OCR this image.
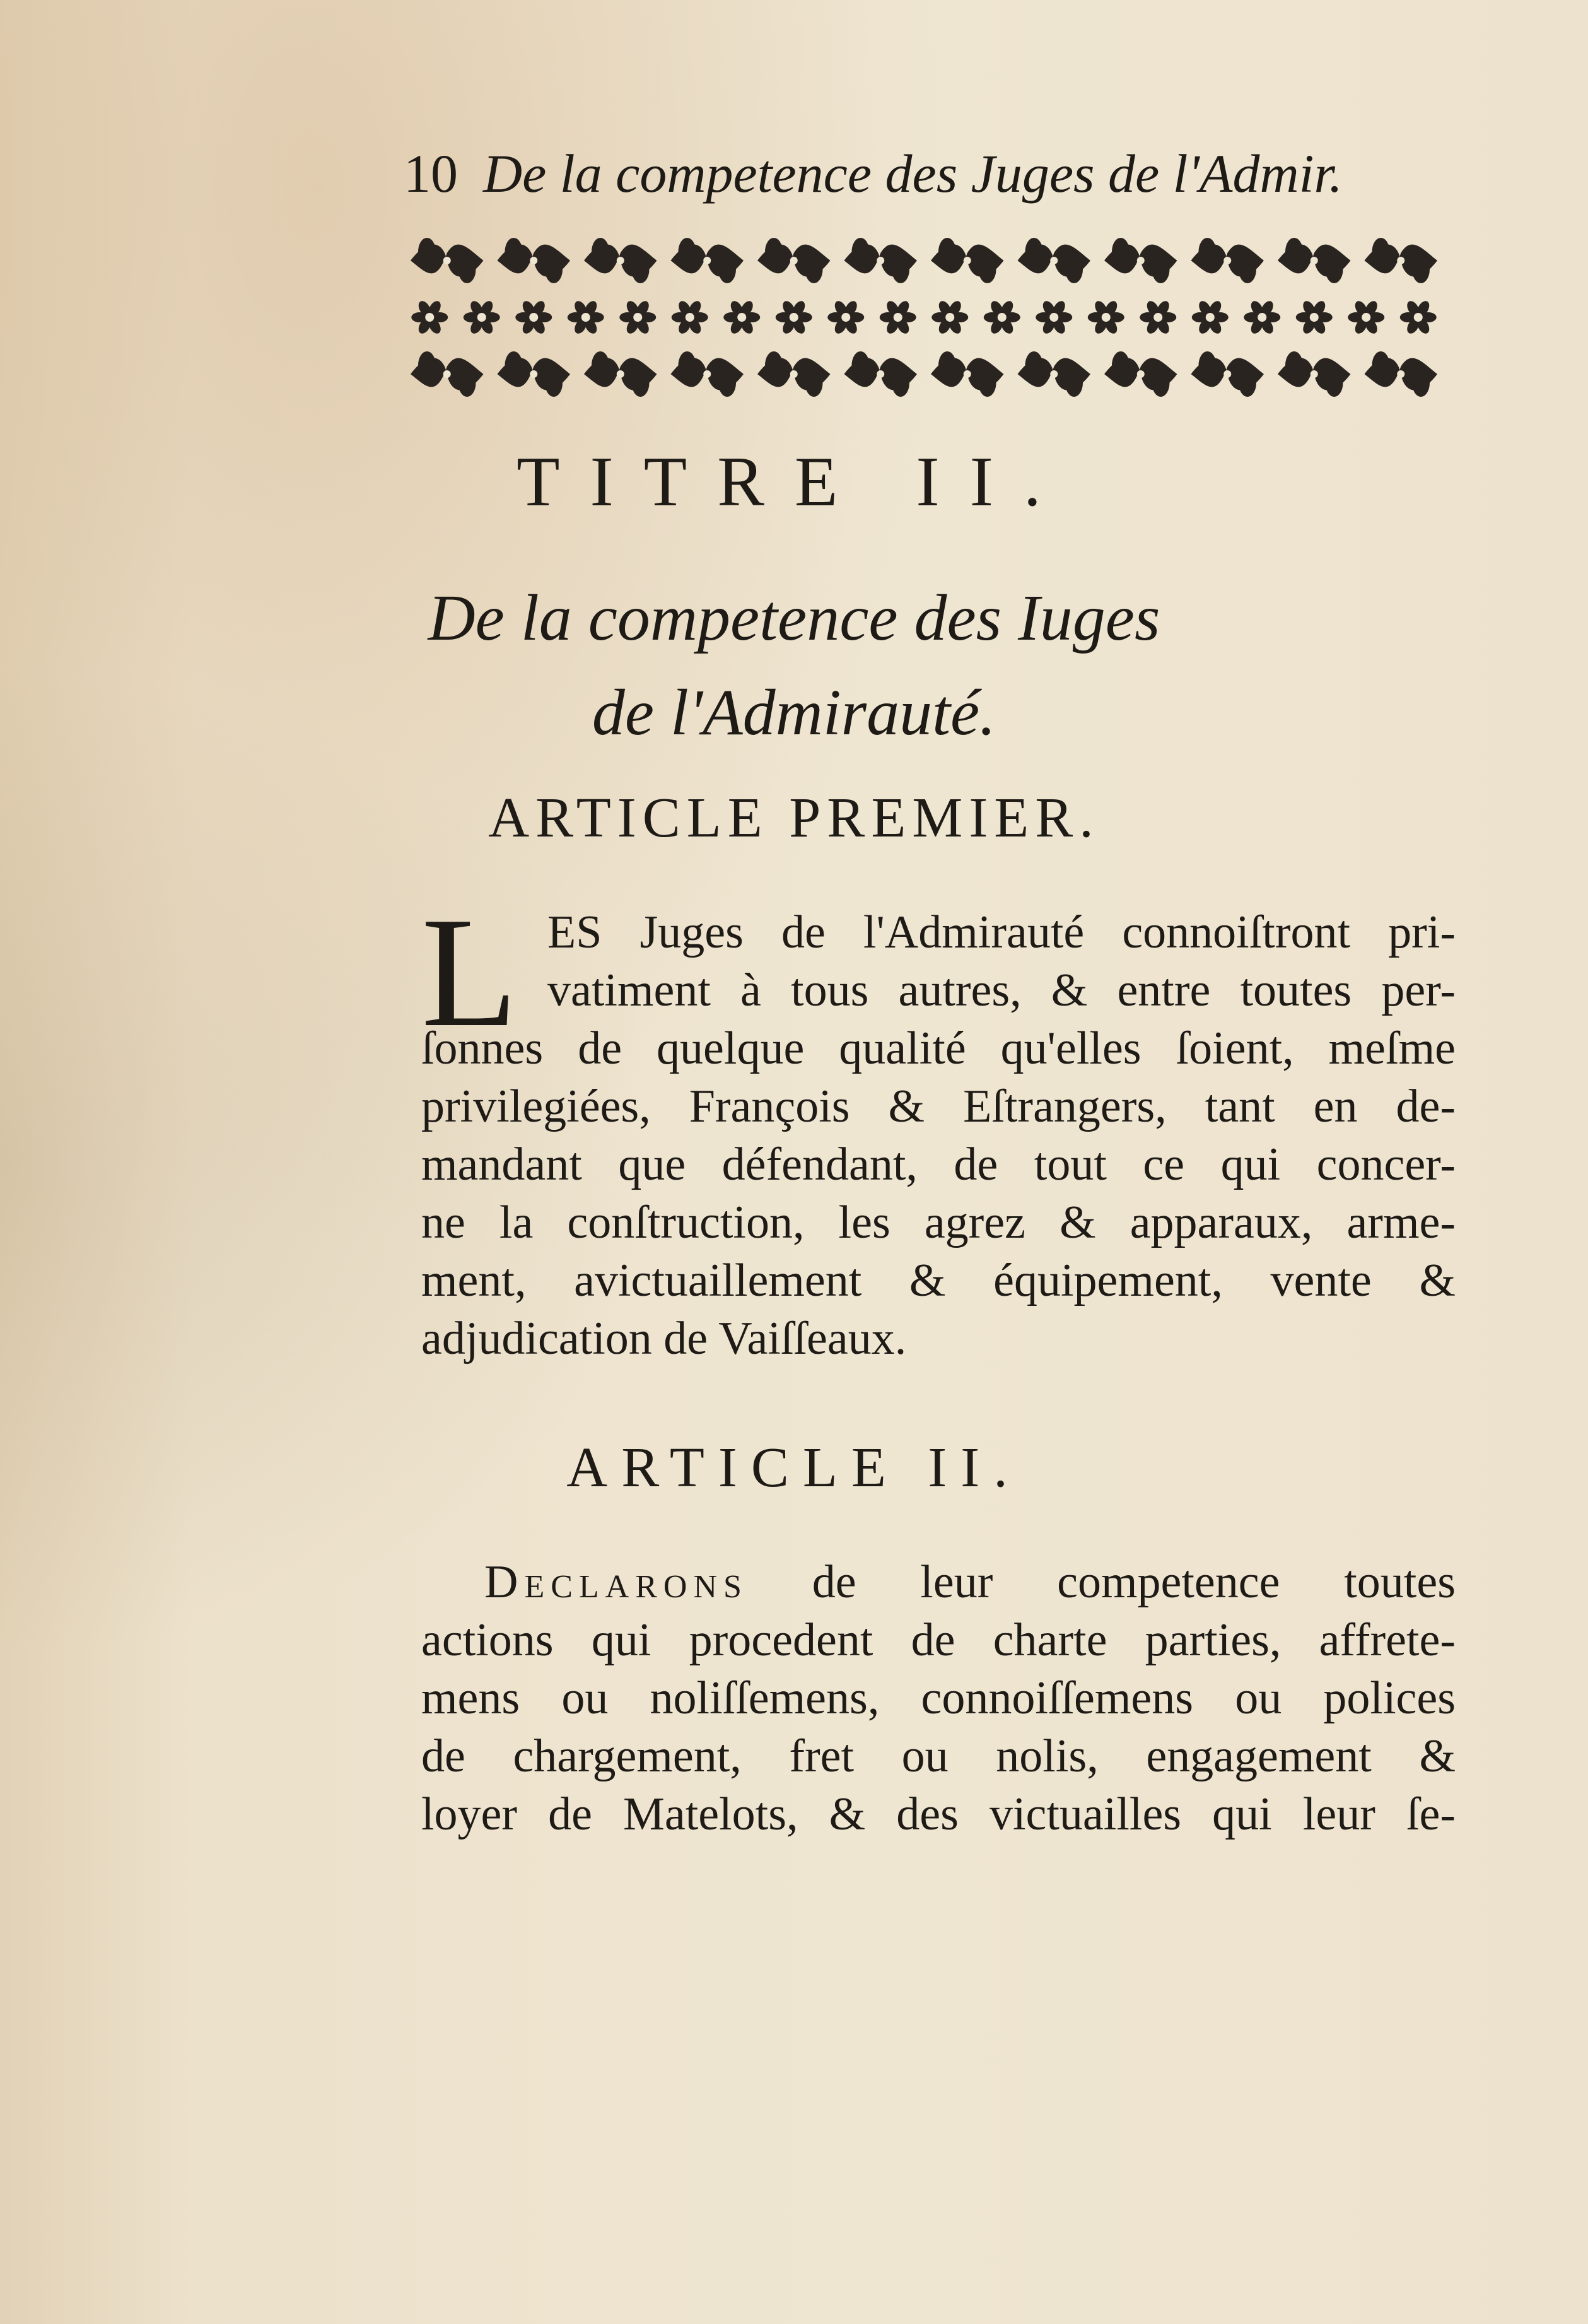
10 De la competence des Juges de l'Admir.
TITRE II.
De la competence des Iuges
de l'Admirauté.
ARTICLE PREMIER.
L ES Juges de l'Admirauté connoiſtront pri-
vatiment à tous autres, & entre toutes per-
ſonnes de quelque qualité qu'elles ſoient, meſme
privilegiées, François & Eſtrangers, tant en de-
mandant que défendant, de tout ce qui concer-
ne la conſtruction, les agrez & apparaux, arme-
ment, avictuaillement & équipement, vente &
adjudication de Vaiſſeaux.
ARTICLE II.
Declarons de leur competence toutes
actions qui procedent de charte parties, affrete-
mens ou noliſſemens, connoiſſemens ou polices
de chargement, fret ou nolis, engagement &
loyer de Matelots, & des victuailles qui leur ſe-
